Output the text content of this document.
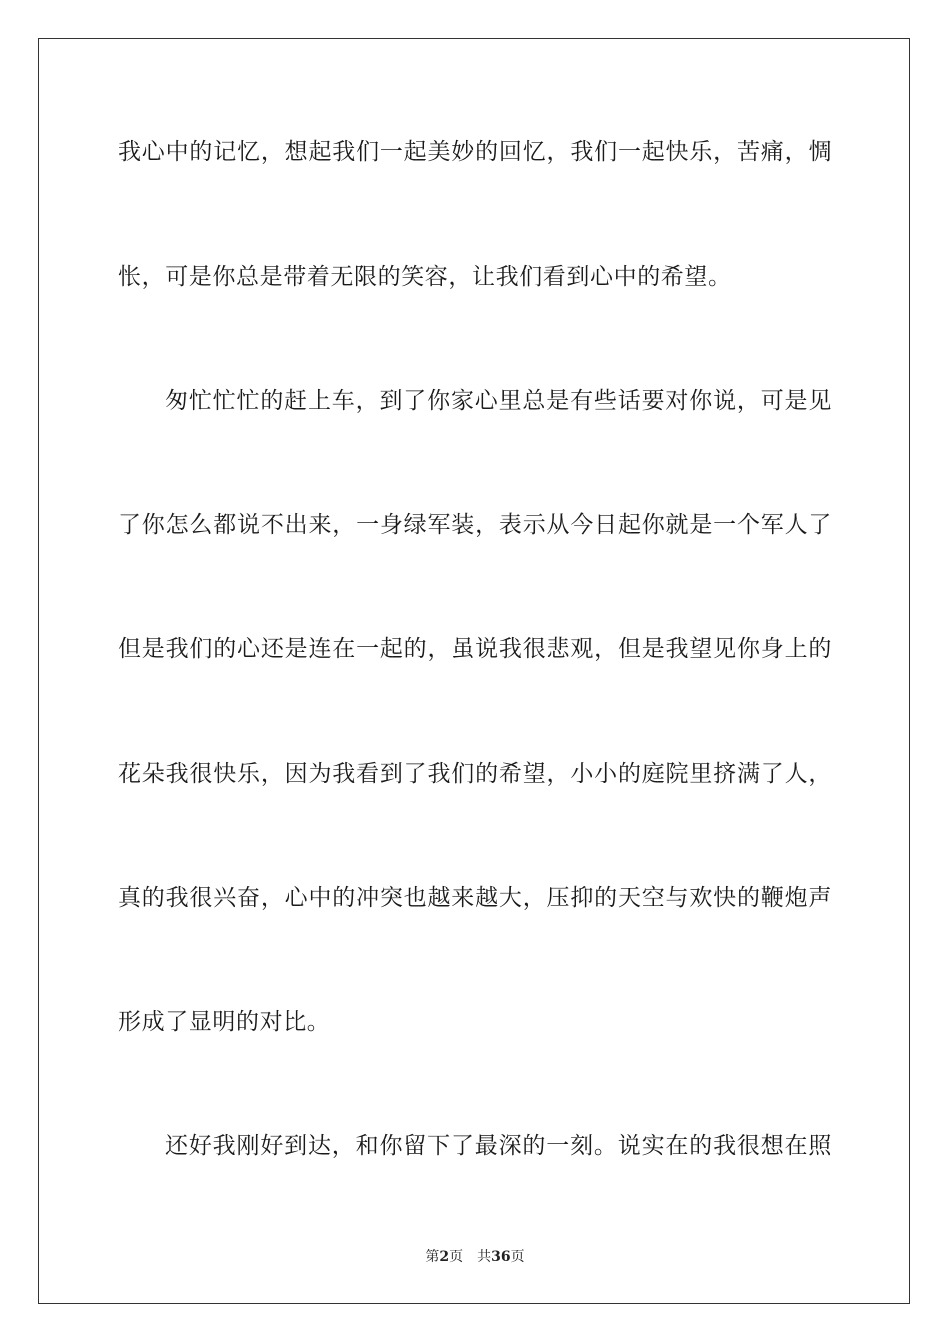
我心中的记忆，想起我们一起美妙的回忆，我们一起快乐，苦痛，惆
怅，可是你总是带着无限的笑容，让我们看到心中的希望。
匆忙忙忙的赶上车，到了你家心里总是有些话要对你说，可是见
了你怎么都说不出来，一身绿军装，表示从今日起你就是一个军人了
但是我们的心还是连在一起的，虽说我很悲观，但是我望见你身上的
花朵我很快乐，因为我看到了我们的希望，小小的庭院里挤满了人，
真的我很兴奋，心中的冲突也越来越大，压抑的天空与欢快的鞭炮声
形成了显明的对比。
还好我刚好到达，和你留下了最深的一刻。说实在的我很想在照
第2页 共36页
